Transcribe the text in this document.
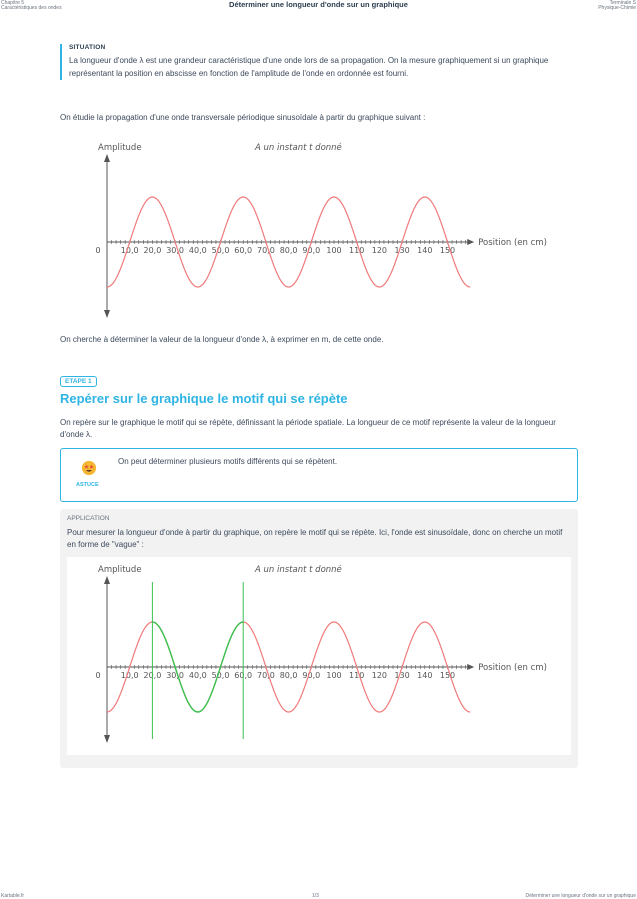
Chapitre 5
Caractéristiques des ondes	Déterminer une longueur d'onde sur un graphique	Terminale S
Physique-Chimie
SITUATION
La longueur d'onde λ est une grandeur caractéristique d'une onde lors de sa propagation. On la mesure graphiquement si un graphique représentant la position en abscisse en fonction de l'amplitude de l'onde en ordonnée est fourni.
On étudie la propagation d'une onde transversale périodique sinusoïdale à partir du graphique suivant :
0	10,0 20,0 30,0 40,0 50,0 60,0 70,0 80,0 90,0 100 110 120 130 140 150
Amplitude
Position (en cm)
A un instant t donné
On cherche à déterminer la valeur de la longueur d'onde λ, à exprimer en m, de cette onde.
ETAPE 1
Repérer sur le graphique le motif qui se répète
On repère sur le graphique le motif qui se répète, définissant la période spatiale. La longueur de ce motif représente la valeur de la longueur d'onde λ.
ASTUCE
On peut déterminer plusieurs motifs différents qui se répètent.
APPLICATION
Pour mesurer la longueur d'onde à partir du graphique, on repère le motif qui se répète. Ici, l'onde est sinusoïdale, donc on cherche un motif en forme de "vague" :
0	10,0 20,0 30,0 40,0 50,0 60,0 70,0 80,0 90,0 100 110 120 130 140 150
Amplitude
Position (en cm)
A un instant t donné
Kartable.fr	1/3	Déterminer une longueur d'onde sur un graphique
